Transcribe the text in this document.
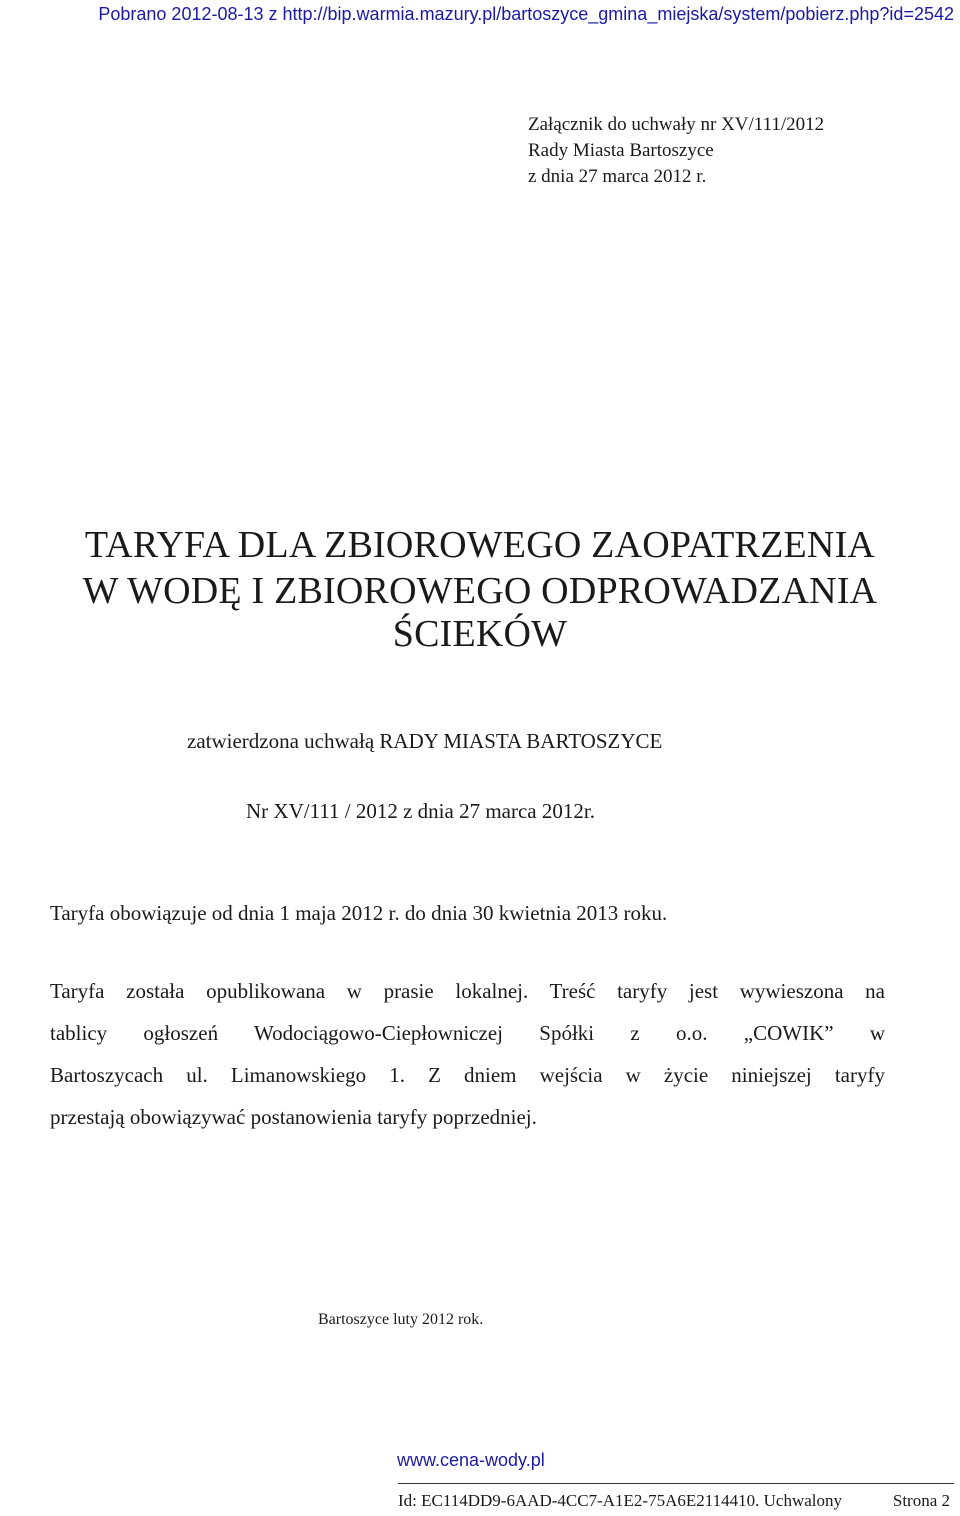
Pobrano 2012-08-13 z http://bip.warmia.mazury.pl/bartoszyce_gmina_miejska/system/pobierz.php?id=2542
Załącznik do uchwały nr XV/111/2012
Rady Miasta Bartoszyce
z dnia 27 marca 2012 r.
TARYFA DLA ZBIOROWEGO ZAOPATRZENIA
W WODĘ I ZBIOROWEGO ODPROWADZANIA
ŚCIEKÓW
zatwierdzona uchwałą RADY MIASTA BARTOSZYCE
Nr XV/111 / 2012 z dnia 27 marca 2012r.
Taryfa obowiązuje od dnia 1 maja 2012 r. do dnia 30 kwietnia 2013 roku.
Taryfa została opublikowana w prasie lokalnej. Treść taryfy jest wywieszona na
tablicy ogłoszeń Wodociągowo-Ciepłowniczej Spółki z o.o. „COWIK” w
Bartoszycach ul. Limanowskiego 1. Z dniem wejścia w życie niniejszej taryfy
przestają obowiązywać postanowienia taryfy poprzedniej.
Bartoszyce luty 2012 rok.
www.cena-wody.pl
Id: EC114DD9-6AAD-4CC7-A1E2-75A6E2114410. Uchwalony	Strona 2
